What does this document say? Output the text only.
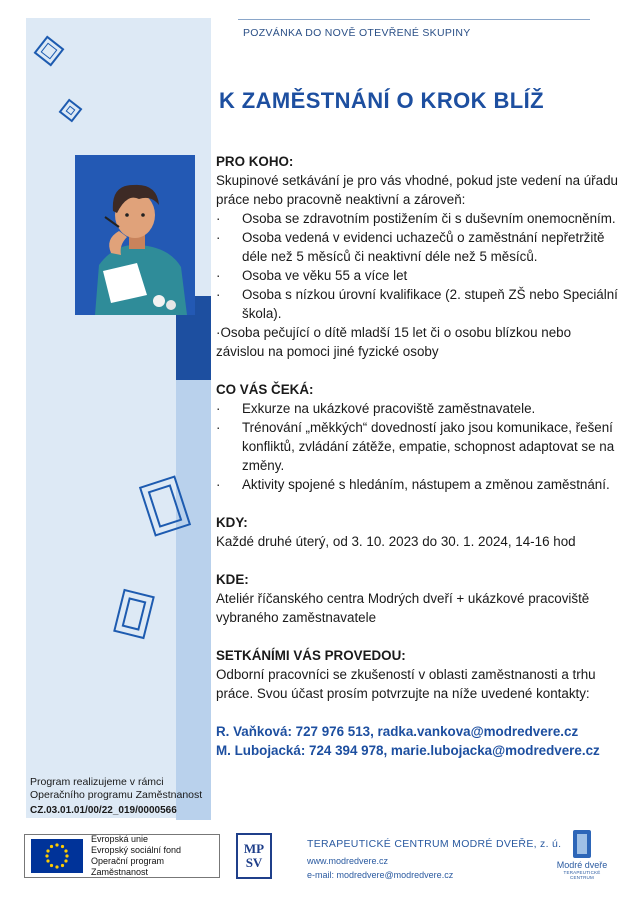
POZVÁNKA DO NOVĚ OTEVŘENÉ SKUPINY
K ZAMĚSTNÁNÍ O KROK BLÍŽ
PRO KOHO:
Skupinové setkávání je pro vás vhodné, pokud jste vedení na úřadu práce nebo pracovně neaktivní a zároveň:
·	Osoba se zdravotním postižením či s duševním onemocněním.
·	Osoba vedená v evidenci uchazečů o zaměstnání nepřetržitě déle než 5 měsíců či neaktivní déle než 5 měsíců.
·	Osoba ve věku 55 a více let
·	Osoba s nízkou úrovní kvalifikace (2. stupeň ZŠ nebo Speciální škola).
·Osoba pečující o dítě mladší 15 let či o osobu blízkou nebo závislou na pomoci jiné fyzické osoby
CO VÁS ČEKÁ:
·	Exkurze na ukázkové pracoviště zaměstnavatele.
·	Trénování „měkkých“ dovedností jako jsou komunikace, řešení konfliktů, zvládání zátěže, empatie, schopnost adaptovat se na změny.
·	Aktivity spojené s hledáním, nástupem a změnou zaměstnání.
KDY:
Každé druhé úterý, od 3. 10. 2023 do 30. 1. 2024, 14-16 hod
KDE:
Ateliér říčanského centra Modrých dveří + ukázkové pracoviště vybraného zaměstnavatele
SETKÁNÍMI VÁS PROVEDOU:
Odborní pracovníci se zkušeností v oblasti zaměstnanosti a trhu práce. Svou účast prosím potvrzujte na níže uvedené kontakty:
R. Vaňková: 727 976 513, radka.vankova@modredvere.cz
M. Lubojacká: 724 394 978, marie.lubojacka@modredvere.cz
Program realizujeme v rámci Operačního programu Zaměstnanost
CZ.03.01.01/00/22_019/0000566
Evropská unie
Evropský sociální fond
Operační program Zaměstnanost
MP
SV
TERAPEUTICKÉ CENTRUM MODRÉ DVEŘE, z. ú.
www.modredvere.cz
e-mail: modredvere@modredvere.cz
Modré dveře
TERAPEUTICKÉ CENTRUM
